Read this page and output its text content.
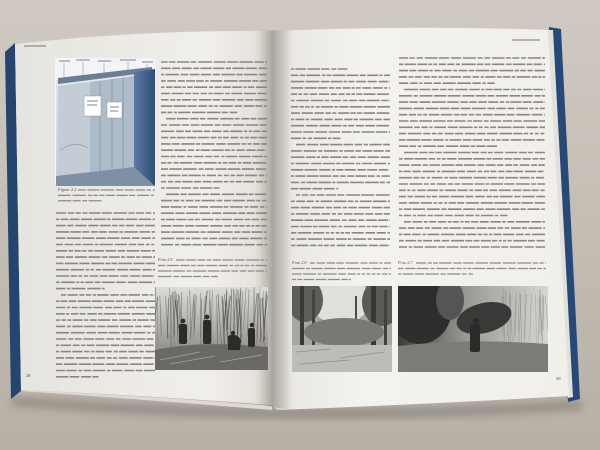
Figuur 2.2
Foto 2.5
28
Foto 2.6	Foto 2.7
29
